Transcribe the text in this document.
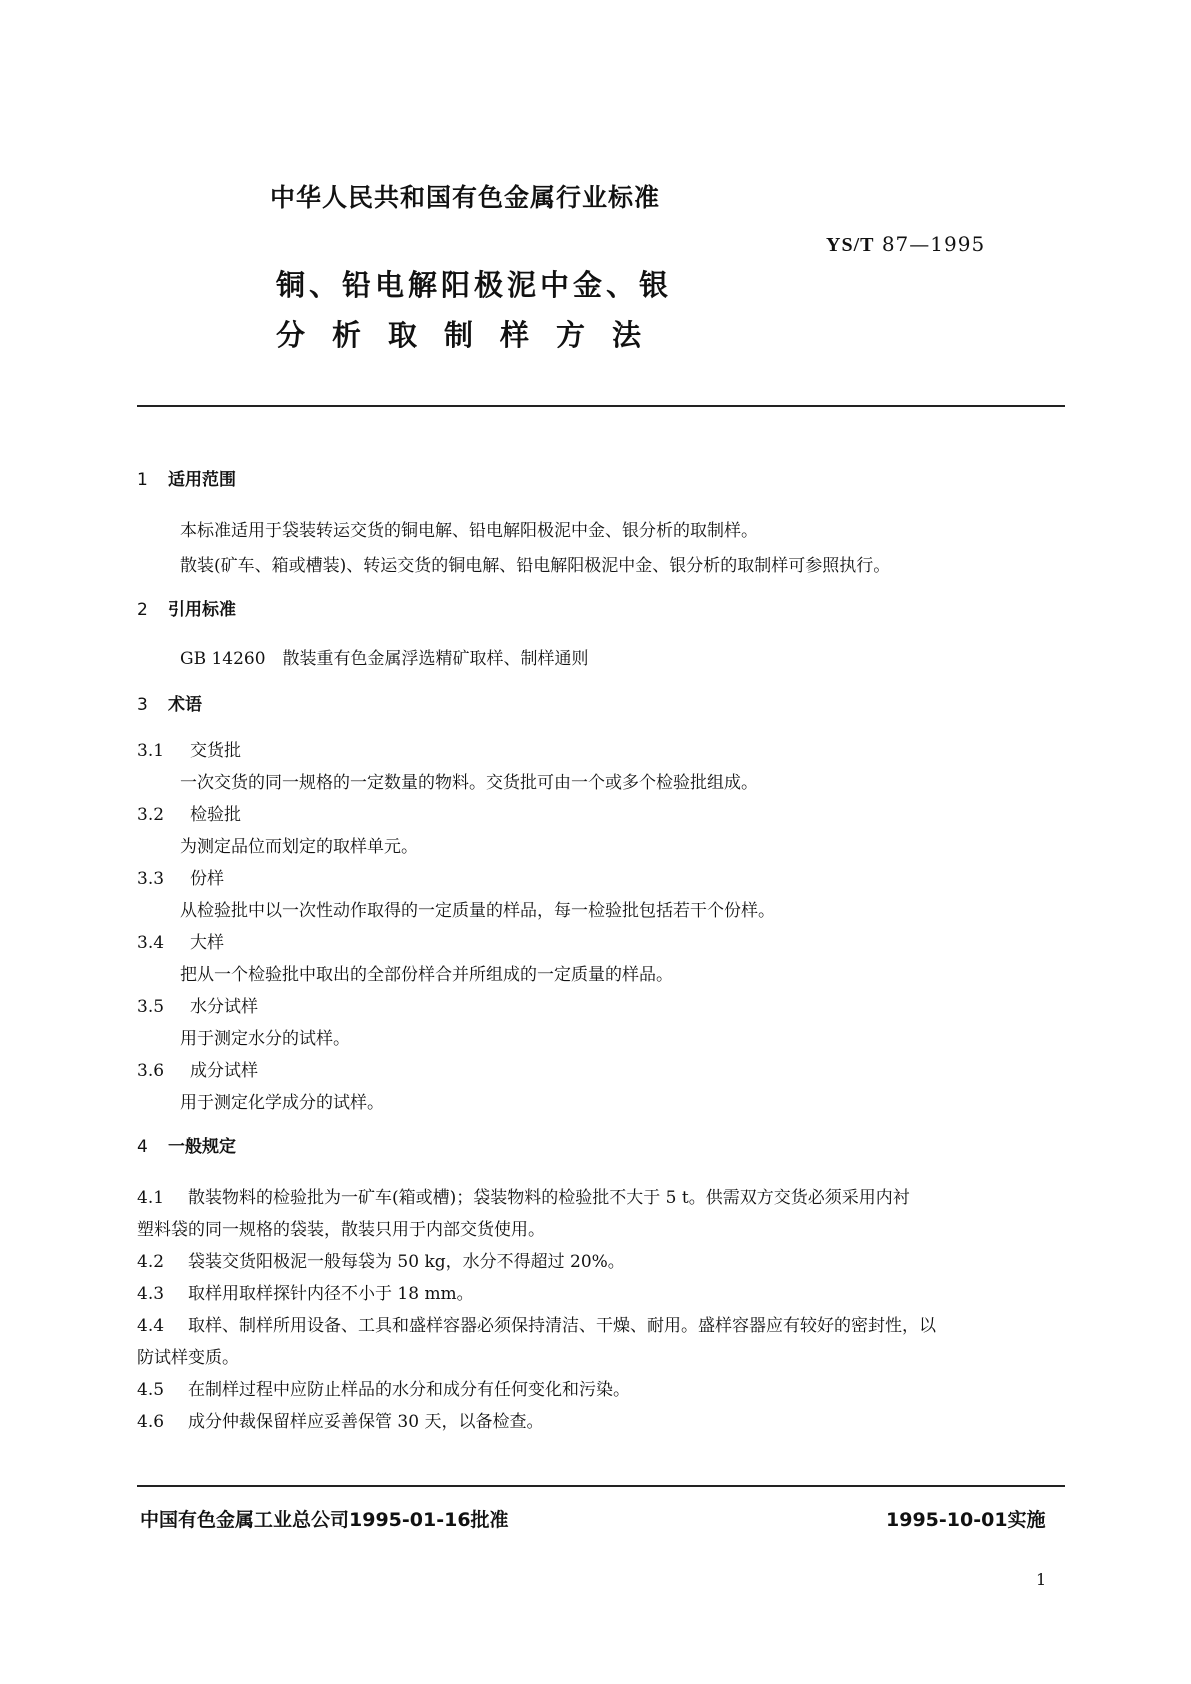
中华人民共和国有色金属行业标准
YS/T 87—1995
铜、铅电解阳极泥中金、银
分析取制样方法
1 适用范围
本标准适用于袋装转运交货的铜电解、铅电解阳极泥中金、银分析的取制样。
散装(矿车、箱或槽装)、转运交货的铜电解、铅电解阳极泥中金、银分析的取制样可参照执行。
2 引用标准
GB 14260　散装重有色金属浮选精矿取样、制样通则
3 术语
3.1 交货批
一次交货的同一规格的一定数量的物料。交货批可由一个或多个检验批组成。
3.2 检验批
为测定品位而划定的取样单元。
3.3 份样
从检验批中以一次性动作取得的一定质量的样品，每一检验批包括若干个份样。
3.4 大样
把从一个检验批中取出的全部份样合并所组成的一定质量的样品。
3.5 水分试样
用于测定水分的试样。
3.6 成分试样
用于测定化学成分的试样。
4 一般规定
4.1 散装物料的检验批为一矿车(箱或槽)；袋装物料的检验批不大于 5 t。供需双方交货必须采用内衬
塑料袋的同一规格的袋装，散装只用于内部交货使用。
4.2 袋装交货阳极泥一般每袋为 50 kg，水分不得超过 20%。
4.3 取样用取样探针内径不小于 18 mm。
4.4 取样、制样所用设备、工具和盛样容器必须保持清洁、干燥、耐用。盛样容器应有较好的密封性，以
防试样变质。
4.5 在制样过程中应防止样品的水分和成分有任何变化和污染。
4.6 成分仲裁保留样应妥善保管 30 天，以备检查。
中国有色金属工业总公司1995-01-16批准	1995-10-01实施
1
